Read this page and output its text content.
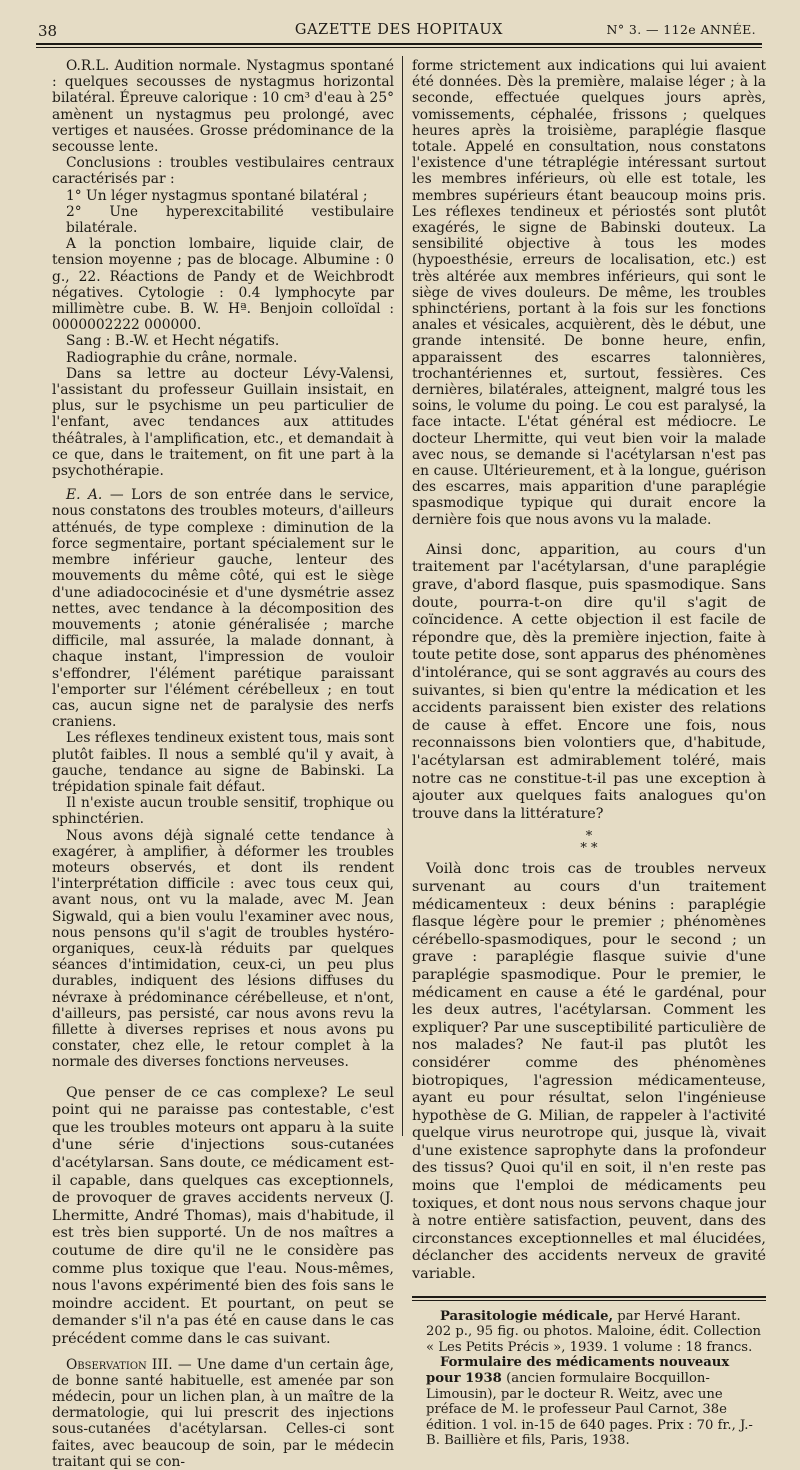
38	GAZETTE DES HOPITAUX	N° 3. — 112e ANNÉE.

O.R.L. Audition normale. Nystagmus spontané : quelques secousses de nystagmus horizontal bilatéral. Épreuve calorique : 10 cm³ d'eau à 25° amènent un nystagmus peu prolongé, avec vertiges et nausées. Grosse prédominance de la secousse lente.

Conclusions : troubles vestibulaires centraux caractérisés par :

1° Un léger nystagmus spontané bilatéral ;

2° Une hyperexcitabilité vestibulaire bilatérale.

A la ponction lombaire, liquide clair, de tension moyenne ; pas de blocage. Albumine : 0 g., 22. Réactions de Pandy et de Weichbrodt négatives. Cytologie : 0.4 lymphocyte par millimètre cube. B. W. Hª. Benjoin colloïdal : 0000002222 000000.

Sang : B.-W. et Hecht négatifs.

Radiographie du crâne, normale.

Dans sa lettre au docteur Lévy-Valensi, l'assistant du professeur Guillain insistait, en plus, sur le psychisme un peu particulier de l'enfant, avec tendances aux attitudes théâtrales, à l'amplification, etc., et demandait à ce que, dans le traitement, on fit une part à la psychothérapie.

E. A. — Lors de son entrée dans le service, nous constatons des troubles moteurs, d'ailleurs atténués, de type complexe : diminution de la force segmentaire, portant spécialement sur le membre inférieur gauche, lenteur des mouvements du même côté, qui est le siège d'une adiadococinésie et d'une dysmétrie assez nettes, avec tendance à la décomposition des mouvements ; atonie généralisée ; marche difficile, mal assurée, la malade donnant, à chaque instant, l'impression de vouloir s'effondrer, l'élément parétique paraissant l'emporter sur l'élément cérébelleux ; en tout cas, aucun signe net de paralysie des nerfs craniens.

Les réflexes tendineux existent tous, mais sont plutôt faibles. Il nous a semblé qu'il y avait, à gauche, tendance au signe de Babinski. La trépidation spinale fait défaut.

Il n'existe aucun trouble sensitif, trophique ou sphinctérien.

Nous avons déjà signalé cette tendance à exagérer, à amplifier, à déformer les troubles moteurs observés, et dont ils rendent l'interprétation difficile : avec tous ceux qui, avant nous, ont vu la malade, avec M. Jean Sigwald, qui a bien voulu l'examiner avec nous, nous pensons qu'il s'agit de troubles hystéro-organiques, ceux-là réduits par quelques séances d'intimidation, ceux-ci, un peu plus durables, indiquent des lésions diffuses du névraxe à prédominance cérébelleuse, et n'ont, d'ailleurs, pas persisté, car nous avons revu la fillette à diverses reprises et nous avons pu constater, chez elle, le retour complet à la normale des diverses fonctions nerveuses.

Que penser de ce cas complexe? Le seul point qui ne paraisse pas contestable, c'est que les troubles moteurs ont apparu à la suite d'une série d'injections sous-cutanées d'acétylarsan. Sans doute, ce médicament est-il capable, dans quelques cas exceptionnels, de provoquer de graves accidents nerveux (J. Lhermitte, André Thomas), mais d'habitude, il est très bien supporté. Un de nos maîtres a coutume de dire qu'il ne le considère pas comme plus toxique que l'eau. Nous-mêmes, nous l'avons expérimenté bien des fois sans le moindre accident. Et pourtant, on peut se demander s'il n'a pas été en cause dans le cas précédent comme dans le cas suivant.

Observation III. — Une dame d'un certain âge, de bonne santé habituelle, est amenée par son médecin, pour un lichen plan, à un maître de la dermatologie, qui lui prescrit des injections sous-cutanées d'acétylarsan. Celles-ci sont faites, avec beaucoup de soin, par le médecin traitant qui se con-

forme strictement aux indications qui lui avaient été données. Dès la première, malaise léger ; à la seconde, effectuée quelques jours après, vomissements, céphalée, frissons ; quelques heures après la troisième, paraplégie flasque totale. Appelé en consultation, nous constatons l'existence d'une tétraplégie intéressant surtout les membres inférieurs, où elle est totale, les membres supérieurs étant beaucoup moins pris. Les réflexes tendineux et périostés sont plutôt exagérés, le signe de Babinski douteux. La sensibilité objective à tous les modes (hypoesthésie, erreurs de localisation, etc.) est très altérée aux membres inférieurs, qui sont le siège de vives douleurs. De même, les troubles sphinctériens, portant à la fois sur les fonctions anales et vésicales, acquièrent, dès le début, une grande intensité. De bonne heure, enfin, apparaissent des escarres talonnières, trochantériennes et, surtout, fessières. Ces dernières, bilatérales, atteignent, malgré tous les soins, le volume du poing. Le cou est paralysé, la face intacte. L'état général est médiocre. Le docteur Lhermitte, qui veut bien voir la malade avec nous, se demande si l'acétylarsan n'est pas en cause. Ultérieurement, et à la longue, guérison des escarres, mais apparition d'une paraplégie spasmodique typique qui durait encore la dernière fois que nous avons vu la malade.

Ainsi donc, apparition, au cours d'un traitement par l'acétylarsan, d'une paraplégie grave, d'abord flasque, puis spasmodique. Sans doute, pourra-t-on dire qu'il s'agit de coïncidence. A cette objection il est facile de répondre que, dès la première injection, faite à toute petite dose, sont apparus des phénomènes d'intolérance, qui se sont aggravés au cours des suivantes, si bien qu'entre la médication et les accidents paraissent bien exister des relations de cause à effet. Encore une fois, nous reconnaissons bien volontiers que, d'habitude, l'acétylarsan est admirablement toléré, mais notre cas ne constitue-t-il pas une exception à ajouter aux quelques faits analogues qu'on trouve dans la littérature?

*
* *

Voilà donc trois cas de troubles nerveux survenant au cours d'un traitement médicamenteux : deux bénins : paraplégie flasque légère pour le premier ; phénomènes cérébello-spasmodiques, pour le second ; un grave : paraplégie flasque suivie d'une paraplégie spasmodique. Pour le premier, le médicament en cause a été le gardénal, pour les deux autres, l'acétylarsan. Comment les expliquer? Par une susceptibilité particulière de nos malades? Ne faut-il pas plutôt les considérer comme des phénomènes biotropiques, l'agression médicamenteuse, ayant eu pour résultat, selon l'ingénieuse hypothèse de G. Milian, de rappeler à l'activité quelque virus neurotrope qui, jusque là, vivait d'une existence saprophyte dans la profondeur des tissus? Quoi qu'il en soit, il n'en reste pas moins que l'emploi de médicaments peu toxiques, et dont nous nous servons chaque jour à notre entière satisfaction, peuvent, dans des circonstances exceptionnelles et mal élucidées, déclancher des accidents nerveux de gravité variable.

Parasitologie médicale, par Hervé Harant. 202 p., 95 fig. ou photos. Maloine, édit. Collection « Les Petits Précis », 1939. 1 volume : 18 francs.

Formulaire des médicaments nouveaux pour 1938 (ancien formulaire Bocquillon-Limousin), par le docteur R. Weitz, avec une préface de M. le professeur Paul Carnot, 38e édition. 1 vol. in-15 de 640 pages. Prix : 70 fr., J.-B. Baillière et fils, Paris, 1938.
